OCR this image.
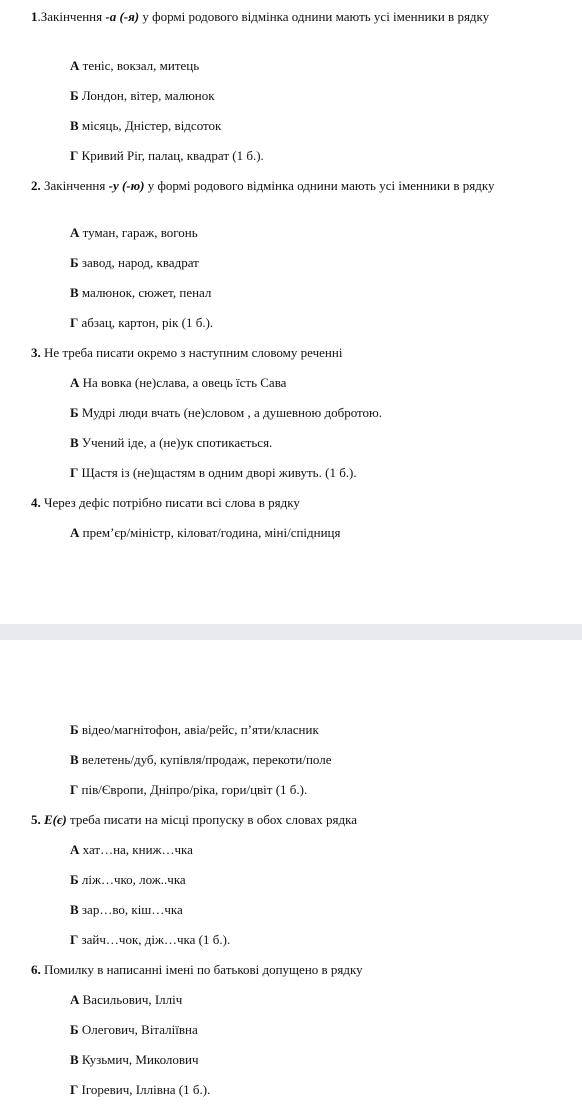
1.Закінчення -а (-я) у формі родового відмінка однини мають усі іменники в рядку
А теніс, вокзал, митець
Б Лондон, вітер, малюнок
В місяць, Дністер, відсоток
Г Кривий Ріг, палац, квадрат (1 б.).
2. Закінчення -у (-ю) у формі родового відмінка однини мають усі іменники в рядку
А туман, гараж, вогонь
Б завод, народ, квадрат
В малюнок, сюжет, пенал
Г абзац, картон, рік (1 б.).
3. Не треба писати окремо з наступним словому реченні
А На вовка (не)слава, а овець їсть Сава
Б Мудрі люди вчать (не)словом , а душевною добротою.
В Учений іде, а (не)ук спотикається.
Г Щастя із (не)щастям в одним дворі живуть. (1 б.).
4. Через дефіс потрібно писати всі слова в рядку
А прем’єр/міністр, кіловат/година, міні/спідниця
Б відео/магнітофон, авіа/рейс, п’яти/класник
В велетень/дуб, купівля/продаж, перекоти/поле
Г пів/Європи, Дніпро/ріка, гори/цвіт (1 б.).
5. Е(є) треба писати на місці пропуску в обох словах рядка
А хат…на, книж…чка
Б ліж…чко, лож..чка
В зар…во, кіш…чка
Г зайч…чок, діж…чка (1 б.).
6. Помилку в написанні імені по батькові допущено в рядку
А Васильович, Ілліч
Б Олегович, Віталіївна
В Кузьмич, Миколович
Г Ігоревич, Іллівна (1 б.).
